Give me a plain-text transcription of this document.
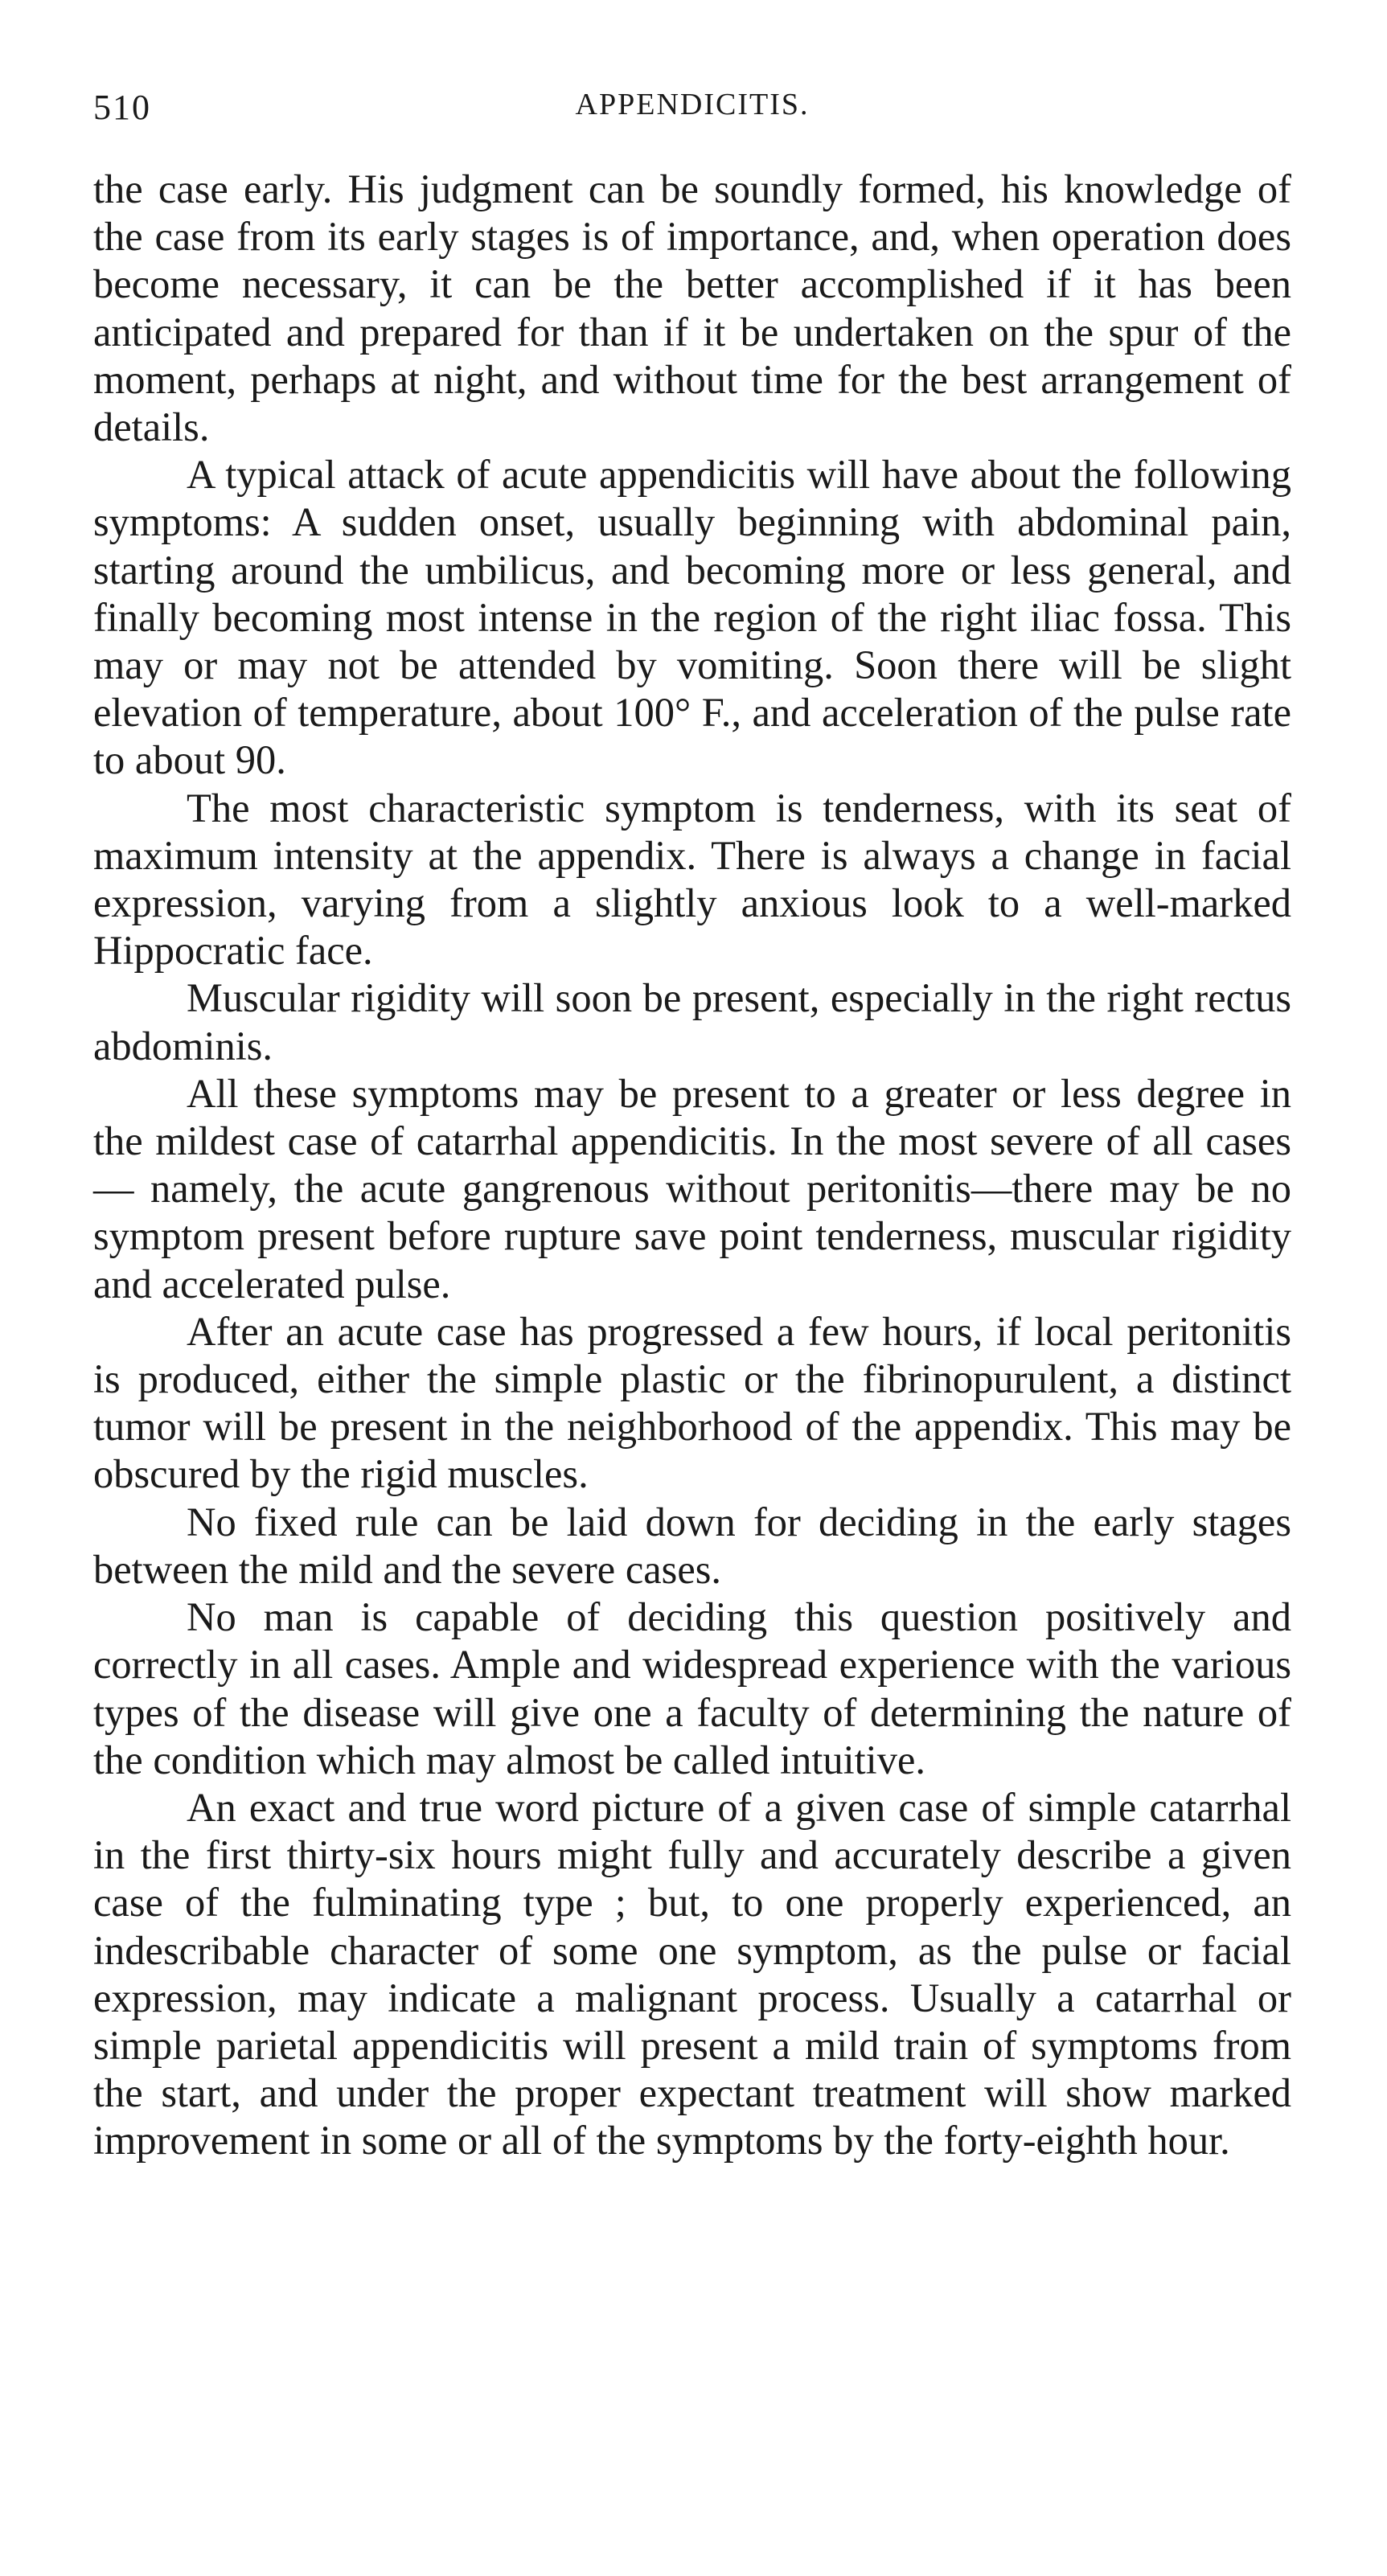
510	APPENDICITIS.

the case early. His judgment can be soundly formed, his knowledge of the case from its early stages is of importance, and, when operation does become necessary, it can be the better accomplished if it has been anticipated and prepared for than if it be undertaken on the spur of the moment, perhaps at night, and without time for the best arrangement of details.

A typical attack of acute appendicitis will have about the following symptoms: A sudden onset, usually beginning with abdominal pain, starting around the umbilicus, and becoming more or less general, and finally becoming most intense in the region of the right iliac fossa. This may or may not be attended by vomiting. Soon there will be slight elevation of temperature, about 100° F., and acceleration of the pulse rate to about 90.

The most characteristic symptom is tenderness, with its seat of maximum intensity at the appendix. There is always a change in facial expression, varying from a slightly anxious look to a well-marked Hippocratic face.

Muscular rigidity will soon be present, especially in the right rectus abdominis.

All these symptoms may be present to a greater or less degree in the mildest case of catarrhal appendicitis. In the most severe of all cases — namely, the acute gangrenous without peritonitis—there may be no symptom present before rupture save point tenderness, muscular rigidity and accelerated pulse.

After an acute case has progressed a few hours, if local peritonitis is produced, either the simple plastic or the fibrinopurulent, a distinct tumor will be present in the neighborhood of the appendix. This may be obscured by the rigid muscles.

No fixed rule can be laid down for deciding in the early stages between the mild and the severe cases.

No man is capable of deciding this question positively and correctly in all cases. Ample and widespread experience with the various types of the disease will give one a faculty of determining the nature of the condition which may almost be called intuitive.

An exact and true word picture of a given case of simple catarrhal in the first thirty-six hours might fully and accurately describe a given case of the fulminating type ; but, to one properly experienced, an indescribable character of some one symptom, as the pulse or facial expression, may indicate a malignant process. Usually a catarrhal or simple parietal appendicitis will present a mild train of symptoms from the start, and under the proper expectant treatment will show marked improvement in some or all of the symptoms by the forty-eighth hour.
